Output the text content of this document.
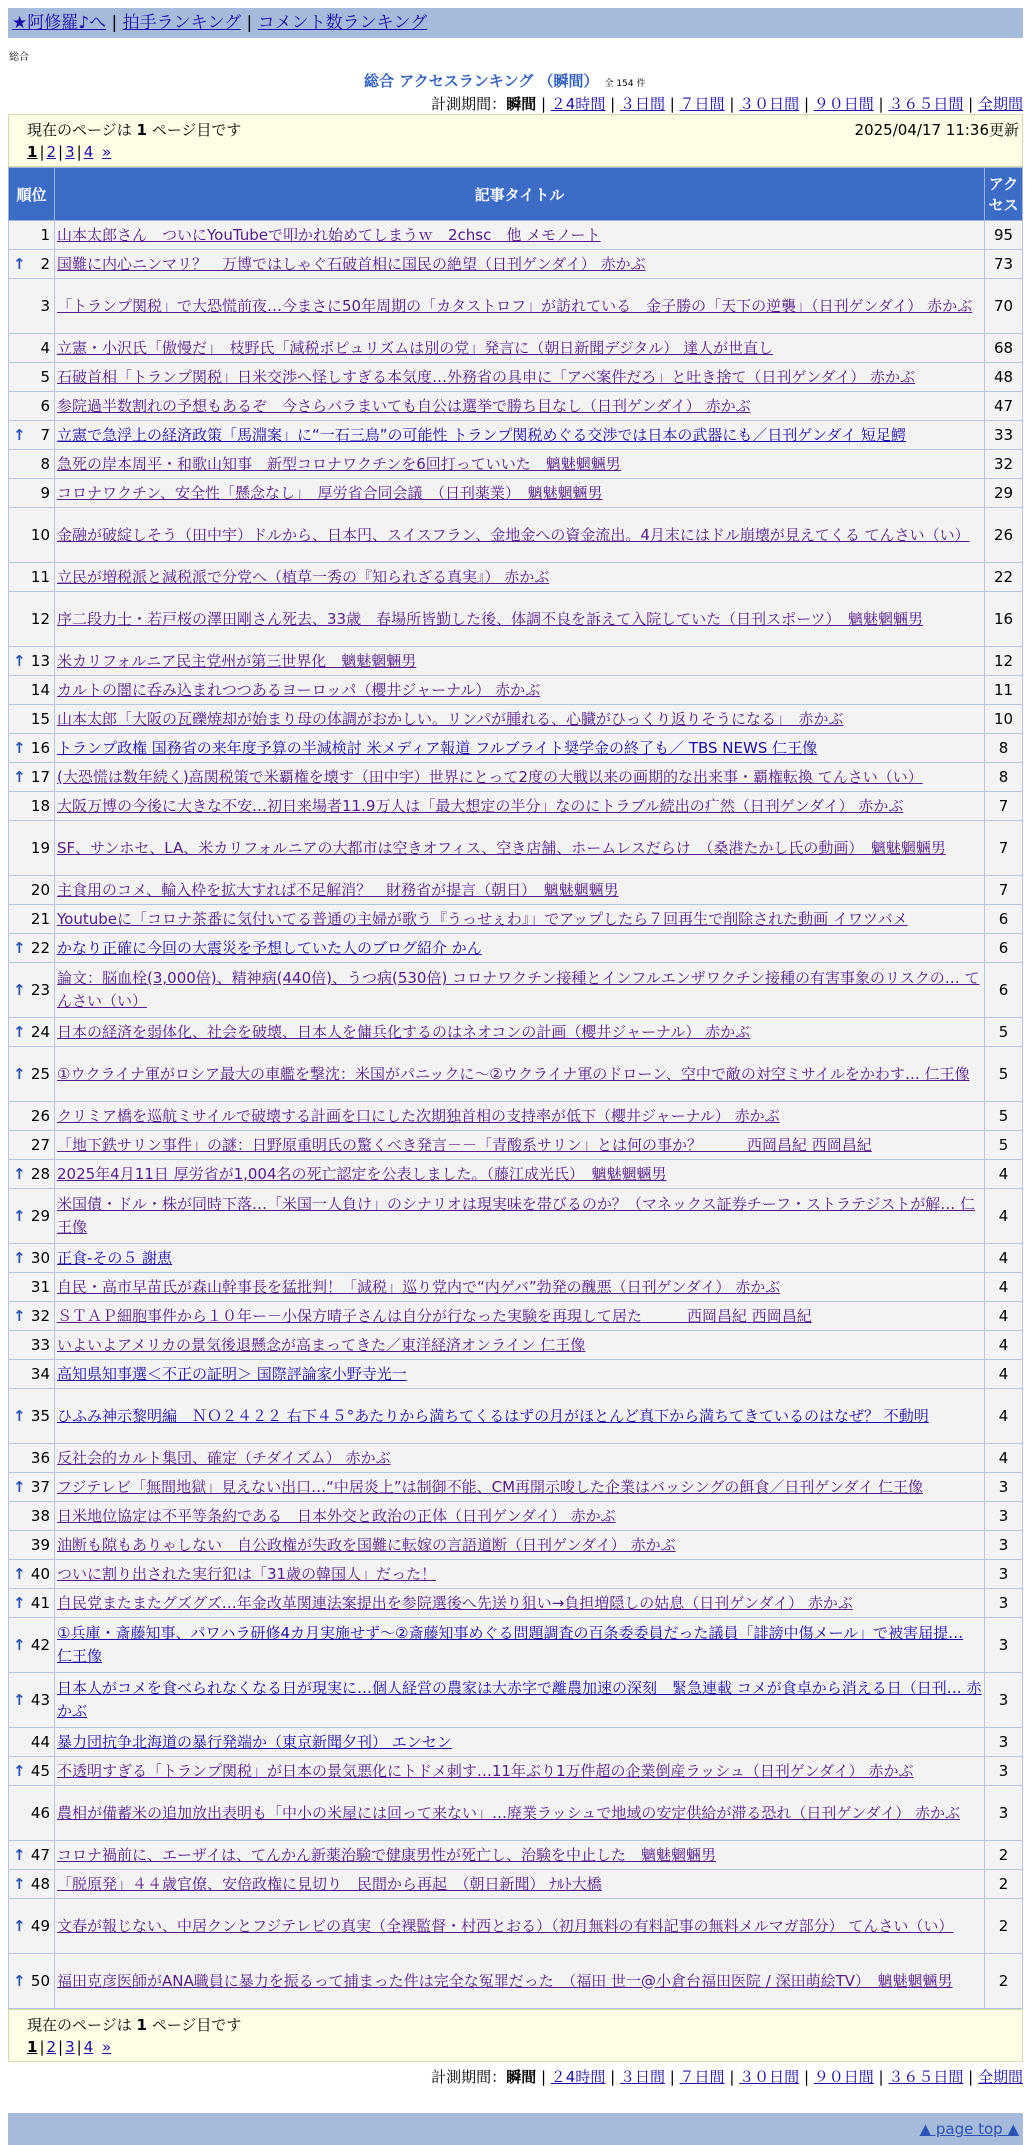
★阿修羅♪へ | 拍手ランキング | コメント数ランキング
総合
総合 アクセスランキング （瞬間） 全 154 件
計測期間：瞬間 | ２4時間 | ３日間 | ７日間 | ３０日間 | ９０日間 | ３６５日間 | 全期間
現在のページは 1 ページ目です	2025/04/17 11:36更新
1 | 2 | 3 | 4 »
順位	記事タイトル	アクセス
1	山本太郎さん　ついにYouTubeで叩かれ始めてしまうｗ　2chsc　他 メモノート	95

↑ 2	国難に内心ニンマリ？　万博ではしゃぐ石破首相に国民の絶望（日刊ゲンダイ） 赤かぶ	73
3	「トランプ関税」で大恐慌前夜…今まさに50年周期の「カタストロフ」が訪れている　金子勝の「天下の逆襲」（日刊ゲンダイ） 赤かぶ	70
4	立憲・小沢氏「傲慢だ」　枝野氏「減税ポピュリズムは別の党」発言に（朝日新聞デジタル） 達人が世直し	68
5	石破首相「トランプ関税」日米交渉へ怪しすぎる本気度…外務省の具申に「アベ案件だろ」と吐き捨て（日刊ゲンダイ） 赤かぶ	48
6	参院過半数割れの予想もあるぞ　今さらバラまいても自公は選挙で勝ち目なし（日刊ゲンダイ） 赤かぶ	47

↑ 7	立憲で急浮上の経済政策「馬淵案」に“一石三鳥”の可能性 トランプ関税めぐる交渉では日本の武器にも／日刊ゲンダイ 短足鰐	33
8	急死の岸本周平・和歌山知事　新型コロナワクチンを6回打っていいた　魑魅魍魎男	32
9	コロナワクチン、安全性「懸念なし」　厚労省合同会議　（日刊薬業）　魑魅魍魎男	29
10	金融が破綻しそう（田中宇）ドルから、日本円、スイスフラン、金地金への資金流出。4月末にはドル崩壊が見えてくる てんさい（い）	26
11	立民が増税派と減税派で分党へ（植草一秀の『知られざる真実』） 赤かぶ	22
12	序二段力士・若戸桜の澤田剛さん死去、33歳　春場所皆勤した後、体調不良を訴えて入院していた（日刊スポーツ）　魑魅魍魎男	16

↑ 13	米カリフォルニア民主党州が第三世界化　魑魅魍魎男	12
14	カルトの闇に呑み込まれつつあるヨーロッパ（櫻井ジャーナル） 赤かぶ	11
15	山本太郎「大阪の瓦礫焼却が始まり母の体調がおかしい。リンパが腫れる、心臓がひっくり返りそうになる」　赤かぶ	10

↑ 16	トランプ政権 国務省の来年度予算の半減検討 米メディア報道 フルブライト奨学金の終了も／ TBS NEWS 仁王像	8

↑ 17	(大恐慌は数年続く)高関税策で米覇権を壊す（田中宇）世界にとって2度の大戦以来の画期的な出来事・覇権転換 てんさい（い）	8
18	大阪万博の今後に大きな不安…初日来場者11.9万人は「最大想定の半分」なのにトラブル続出の疒然（日刊ゲンダイ） 赤かぶ	7
19	SF、サンホセ、LA、米カリフォルニアの大都市は空きオフィス、空き店舗、ホームレスだらけ　（桑港たかし氏の動画）　魑魅魍魎男	7
20	主食用のコメ、輸入枠を拡大すれば不足解消？　財務省が提言（朝日）　魑魅魍魎男	7
21	Youtubeに「コロナ茶番に気付いてる普通の主婦が歌う『うっせぇわ』」でアップしたら７回再生で削除された動画 イワツバメ	6

↑ 22	かなり正確に今回の大震災を予想していた人のブログ紹介 かん	6

↑ 23	論文：脳血栓(3,000倍)、精神病(440倍)、うつ病(530倍) コロナワクチン接種とインフルエンザワクチン接種の有害事象のリスクの… てんさい（い）	6

↑ 24	日本の経済を弱体化、社会を破壊、日本人を傭兵化するのはネオコンの計画（櫻井ジャーナル） 赤かぶ	5

↑ 25	①ウクライナ軍がロシア最大の車艦を撃沈：米国がパニックに～②ウクライナ軍のドローン、空中で敵の対空ミサイルをかわす… 仁王像	5
26	クリミア橋を巡航ミサイルで破壊する計画を口にした次期独首相の支持率が低下（櫻井ジャーナル） 赤かぶ	5
27	「地下鉄サリン事件」の謎：日野原重明氏の驚くべき発言－－「青酸系サリン」とは何の事か？　　　西岡昌紀 西岡昌紀	5

↑ 28	2025年4月11日 厚労省が1,004名の死亡認定を公表しました。（藤江成光氏）　魑魅魍魎男	4

↑ 29	米国債・ドル・株が同時下落…「米国一人負け」のシナリオは現実味を帯びるのか？（マネックス証券チーフ・ストラテジストが解… 仁王像	4

↑ 30	正食-その５ 謝恵	4
31	自民・高市早苗氏が森山幹事長を猛批判！「減税」巡り党内で“内ゲバ”勃発の醜悪（日刊ゲンダイ） 赤かぶ	4

↑ 32	ＳＴＡＰ細胞事件から１０年ー－小保方晴子さんは自分が行なった実験を再現して居た　　　西岡昌紀 西岡昌紀	4
33	いよいよアメリカの景気後退懸念が高まってきた／東洋経済オンライン 仁王像	4
34	高知県知事選＜不正の証明＞ 国際評論家小野寺光一	4

↑ 35	ひふみ神示黎明編　ＮＯ２４２２ 右下４５°あたりから満ちてくるはずの月がほとんど真下から満ちてきているのはなぜ？ 不動明	4
36	反社会的カルト集団、確定（チダイズム） 赤かぶ	4

↑ 37	フジテレビ「無間地獄」見えない出口…“中居炎上”は制御不能、CM再開示唆した企業はバッシングの餌食／日刊ゲンダイ 仁王像	3
38	日米地位協定は不平等条約である　日本外交と政治の正体（日刊ゲンダイ） 赤かぶ	3
39	油断も隙もありゃしない　自公政権が失政を国難に転嫁の言語道断（日刊ゲンダイ） 赤かぶ	3

↑ 40	ついに割り出された実行犯は「31歳の韓国人」だった！	3

↑ 41	自民党またまたグズグズ…年金改革関連法案提出を参院選後へ先送り狙い→負担増隠しの姑息（日刊ゲンダイ） 赤かぶ	3

↑ 42	①兵庫・斎藤知事、パワハラ研修4カ月実施せず～②斎藤知事めぐる問題調査の百条委委員だった議員「誹謗中傷メール」で被害届提… 仁王像	3

↑ 43	日本人がコメを食べられなくなる日が現実に…個人経営の農家は大赤字で離農加速の深刻　緊急連載 コメが食卓から消える日（日刊… 赤かぶ	3
44	暴力団抗争北海道の暴行発端か（東京新聞夕刊） エンセン	3

↑ 45	不透明すぎる「トランプ関税」が日本の景気悪化にトドメ刺す…11年ぶり1万件超の企業倒産ラッシュ（日刊ゲンダイ） 赤かぶ	3
46	農相が備蓄米の追加放出表明も「中小の米屋には回って来ない」…廃業ラッシュで地域の安定供給が滞る恐れ（日刊ゲンダイ） 赤かぶ	3

↑ 47	コロナ禍前に、エーザイは、てんかん新薬治験で健康男性が死亡し、治験を中止した　魑魅魍魎男	2

↑ 48	「脱原発」４４歳官僚、安倍政権に見切り　民間から再起　（朝日新聞） ﾅﾙﾄ大橋	2

↑ 49	文春が報じない、中居クンとフジテレビの真実（全裸監督・村西とおる）（初月無料の有料記事の無料メルマガ部分） てんさい（い）	2

↑ 50	福田克彦医師がANA職員に暴力を振るって捕まった件は完全な冤罪だった　（福田 世一@小倉台福田医院 / 深田萌絵TV）　魑魅魍魎男	2
現在のページは 1 ページ目です
1 | 2 | 3 | 4 »
計測期間：瞬間 | ２4時間 | ３日間 | ７日間 | ３０日間 | ９０日間 | ３６５日間 | 全期間
▲ page top ▲
